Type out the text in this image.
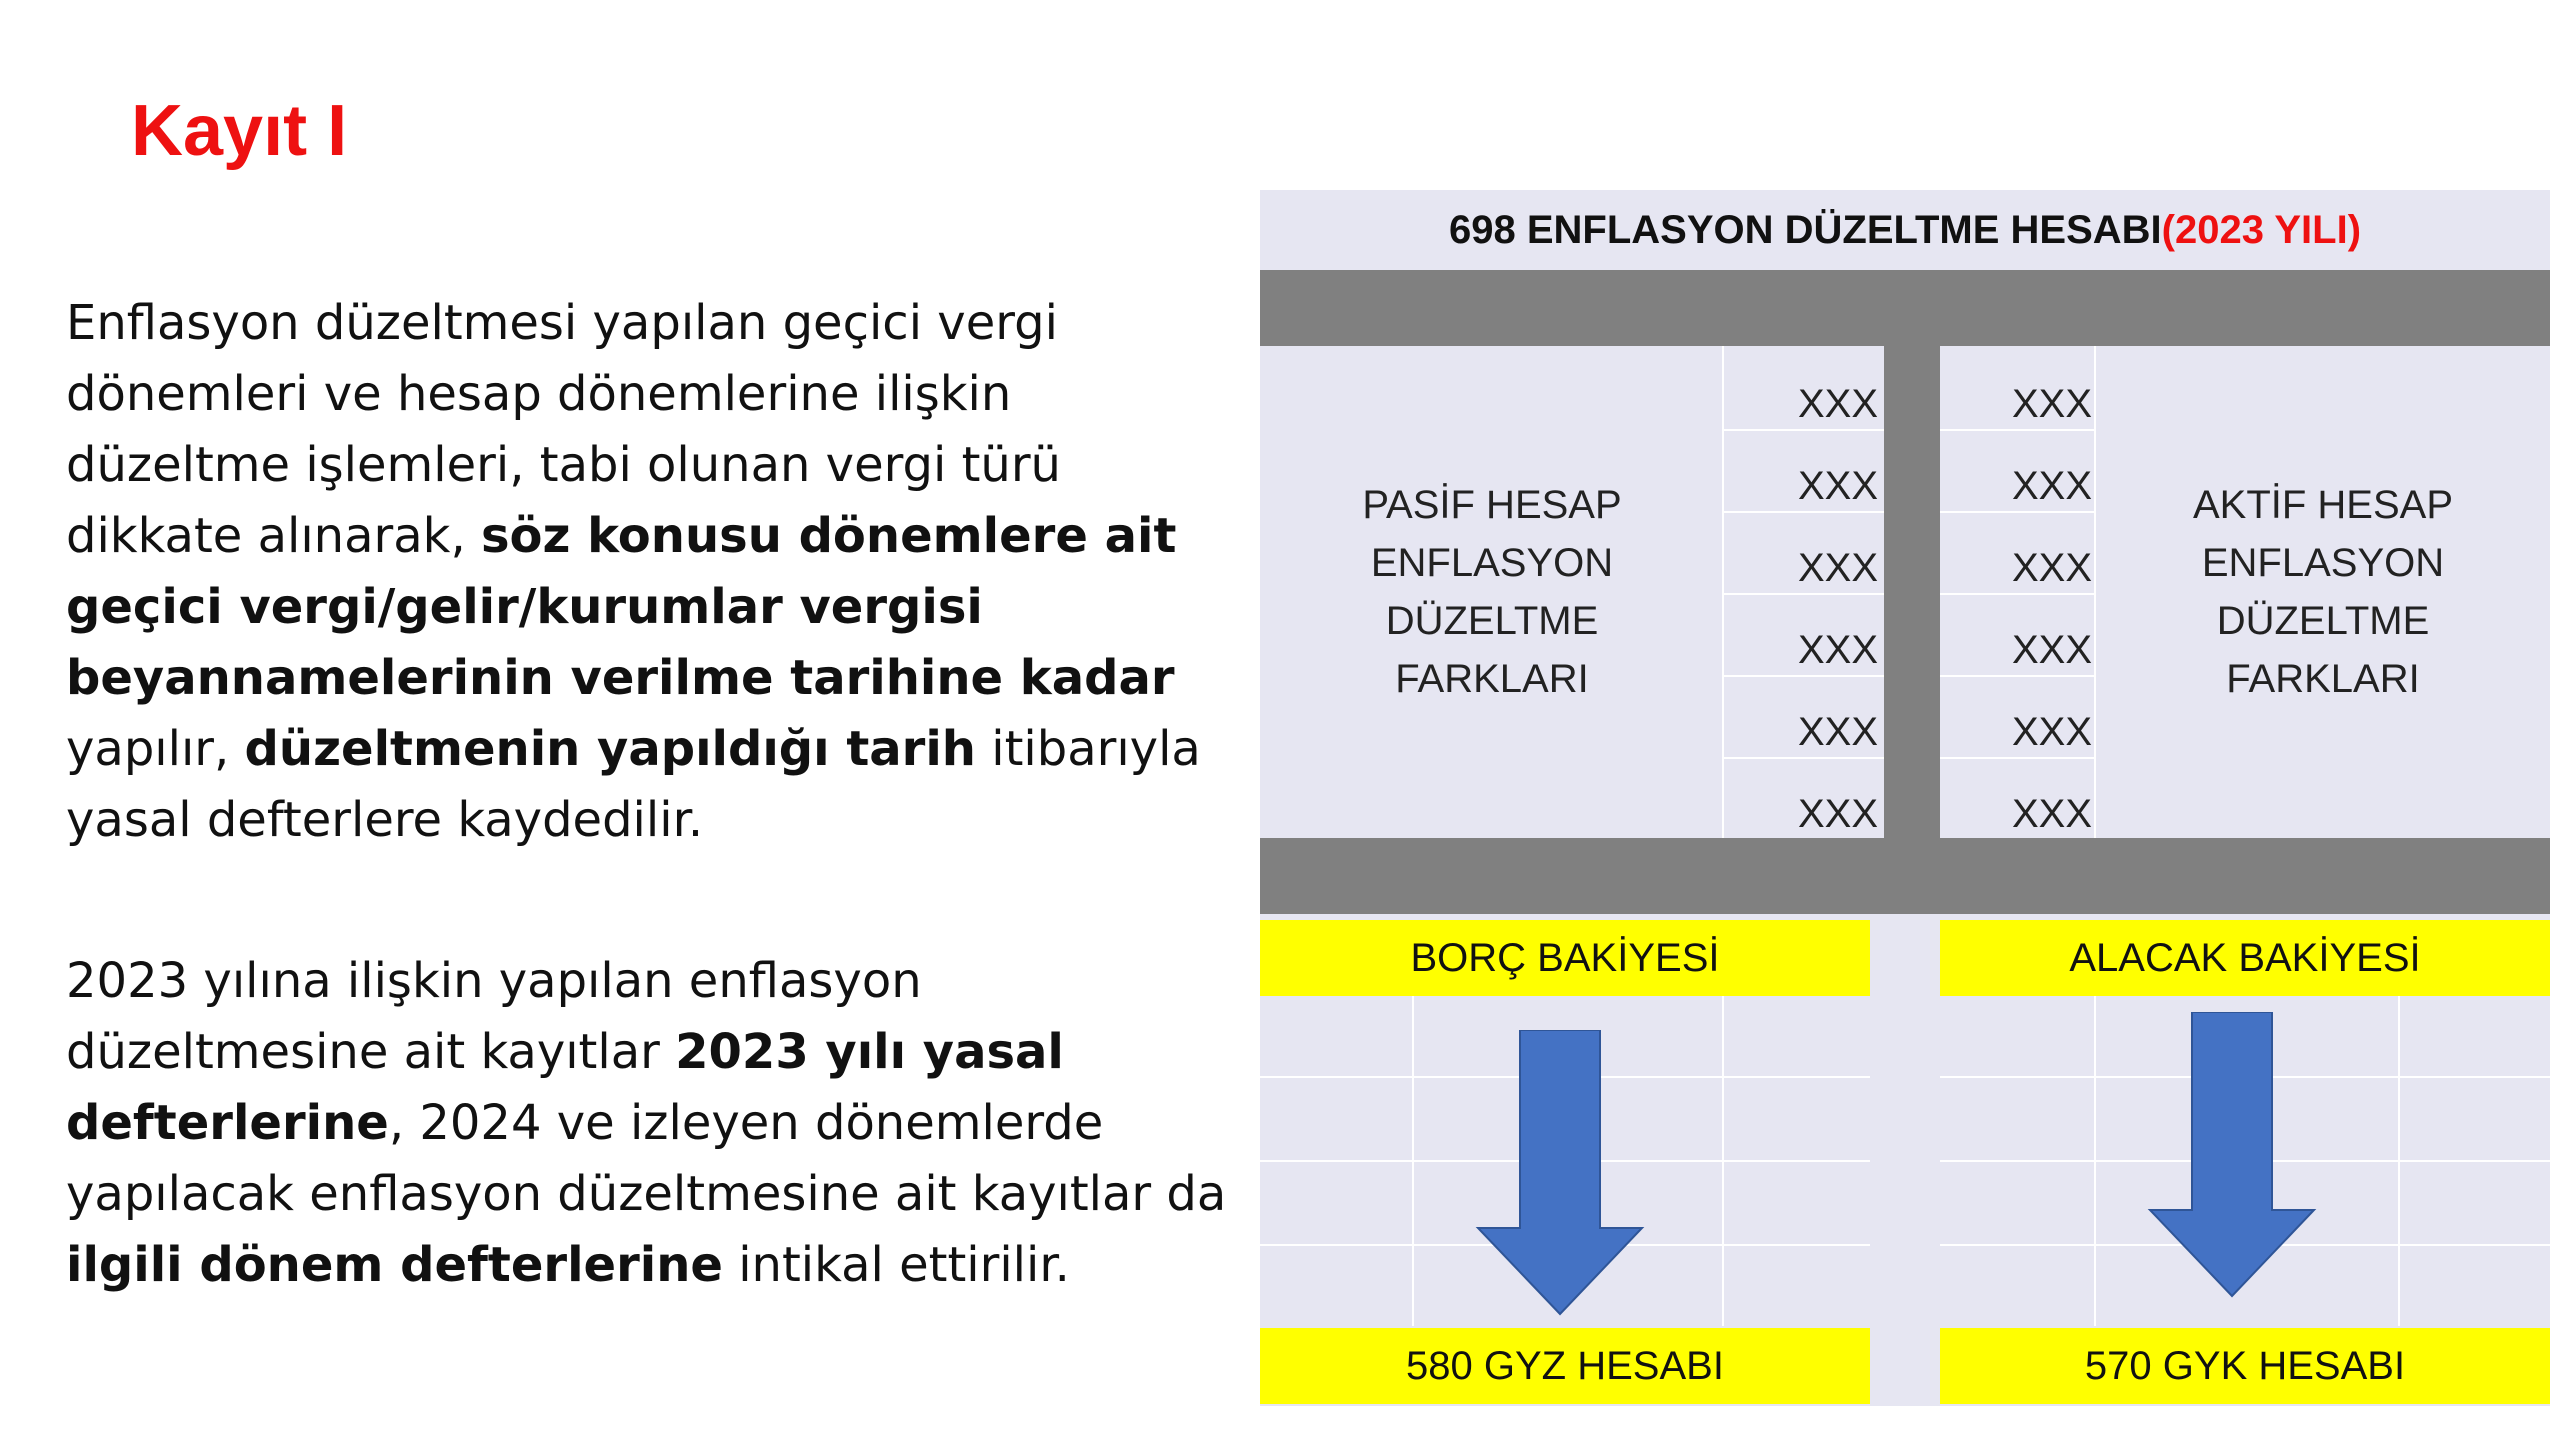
Kayıt I
Enflasyon düzeltmesi yapılan geçici vergi dönemleri ve hesap dönemlerine ilişkin düzeltme işlemleri, tabi olunan vergi türü dikkate alınarak, söz konusu dönemlere ait geçici vergi/gelir/kurumlar vergisi beyannamelerinin verilme tarihine kadar yapılır, düzeltmenin yapıldığı tarih itibarıyla yasal defterlere kaydedilir.
2023 yılına ilişkin yapılan enflasyon düzeltmesine ait kayıtlar 2023 yılı yasal defterlerine, 2024 ve izleyen dönemlerde yapılacak enflasyon düzeltmesine ait kayıtlar da ilgili dönem defterlerine intikal ettirilir.
698 ENFLASYON DÜZELTME HESABI (2023 YILI)
PASİF HESAP
ENFLASYON DÜZELTME
FARKLARI
AKTİF HESAP
ENFLASYON DÜZELTME
FARKLARI
XXX
XXX
XXX
XXX
XXX
XXX
XXX
XXX
XXX
XXX
XXX
XXX
BORÇ BAKİYESİ	ALACAK BAKİYESİ
580 GYZ HESABI	570 GYK HESABI
